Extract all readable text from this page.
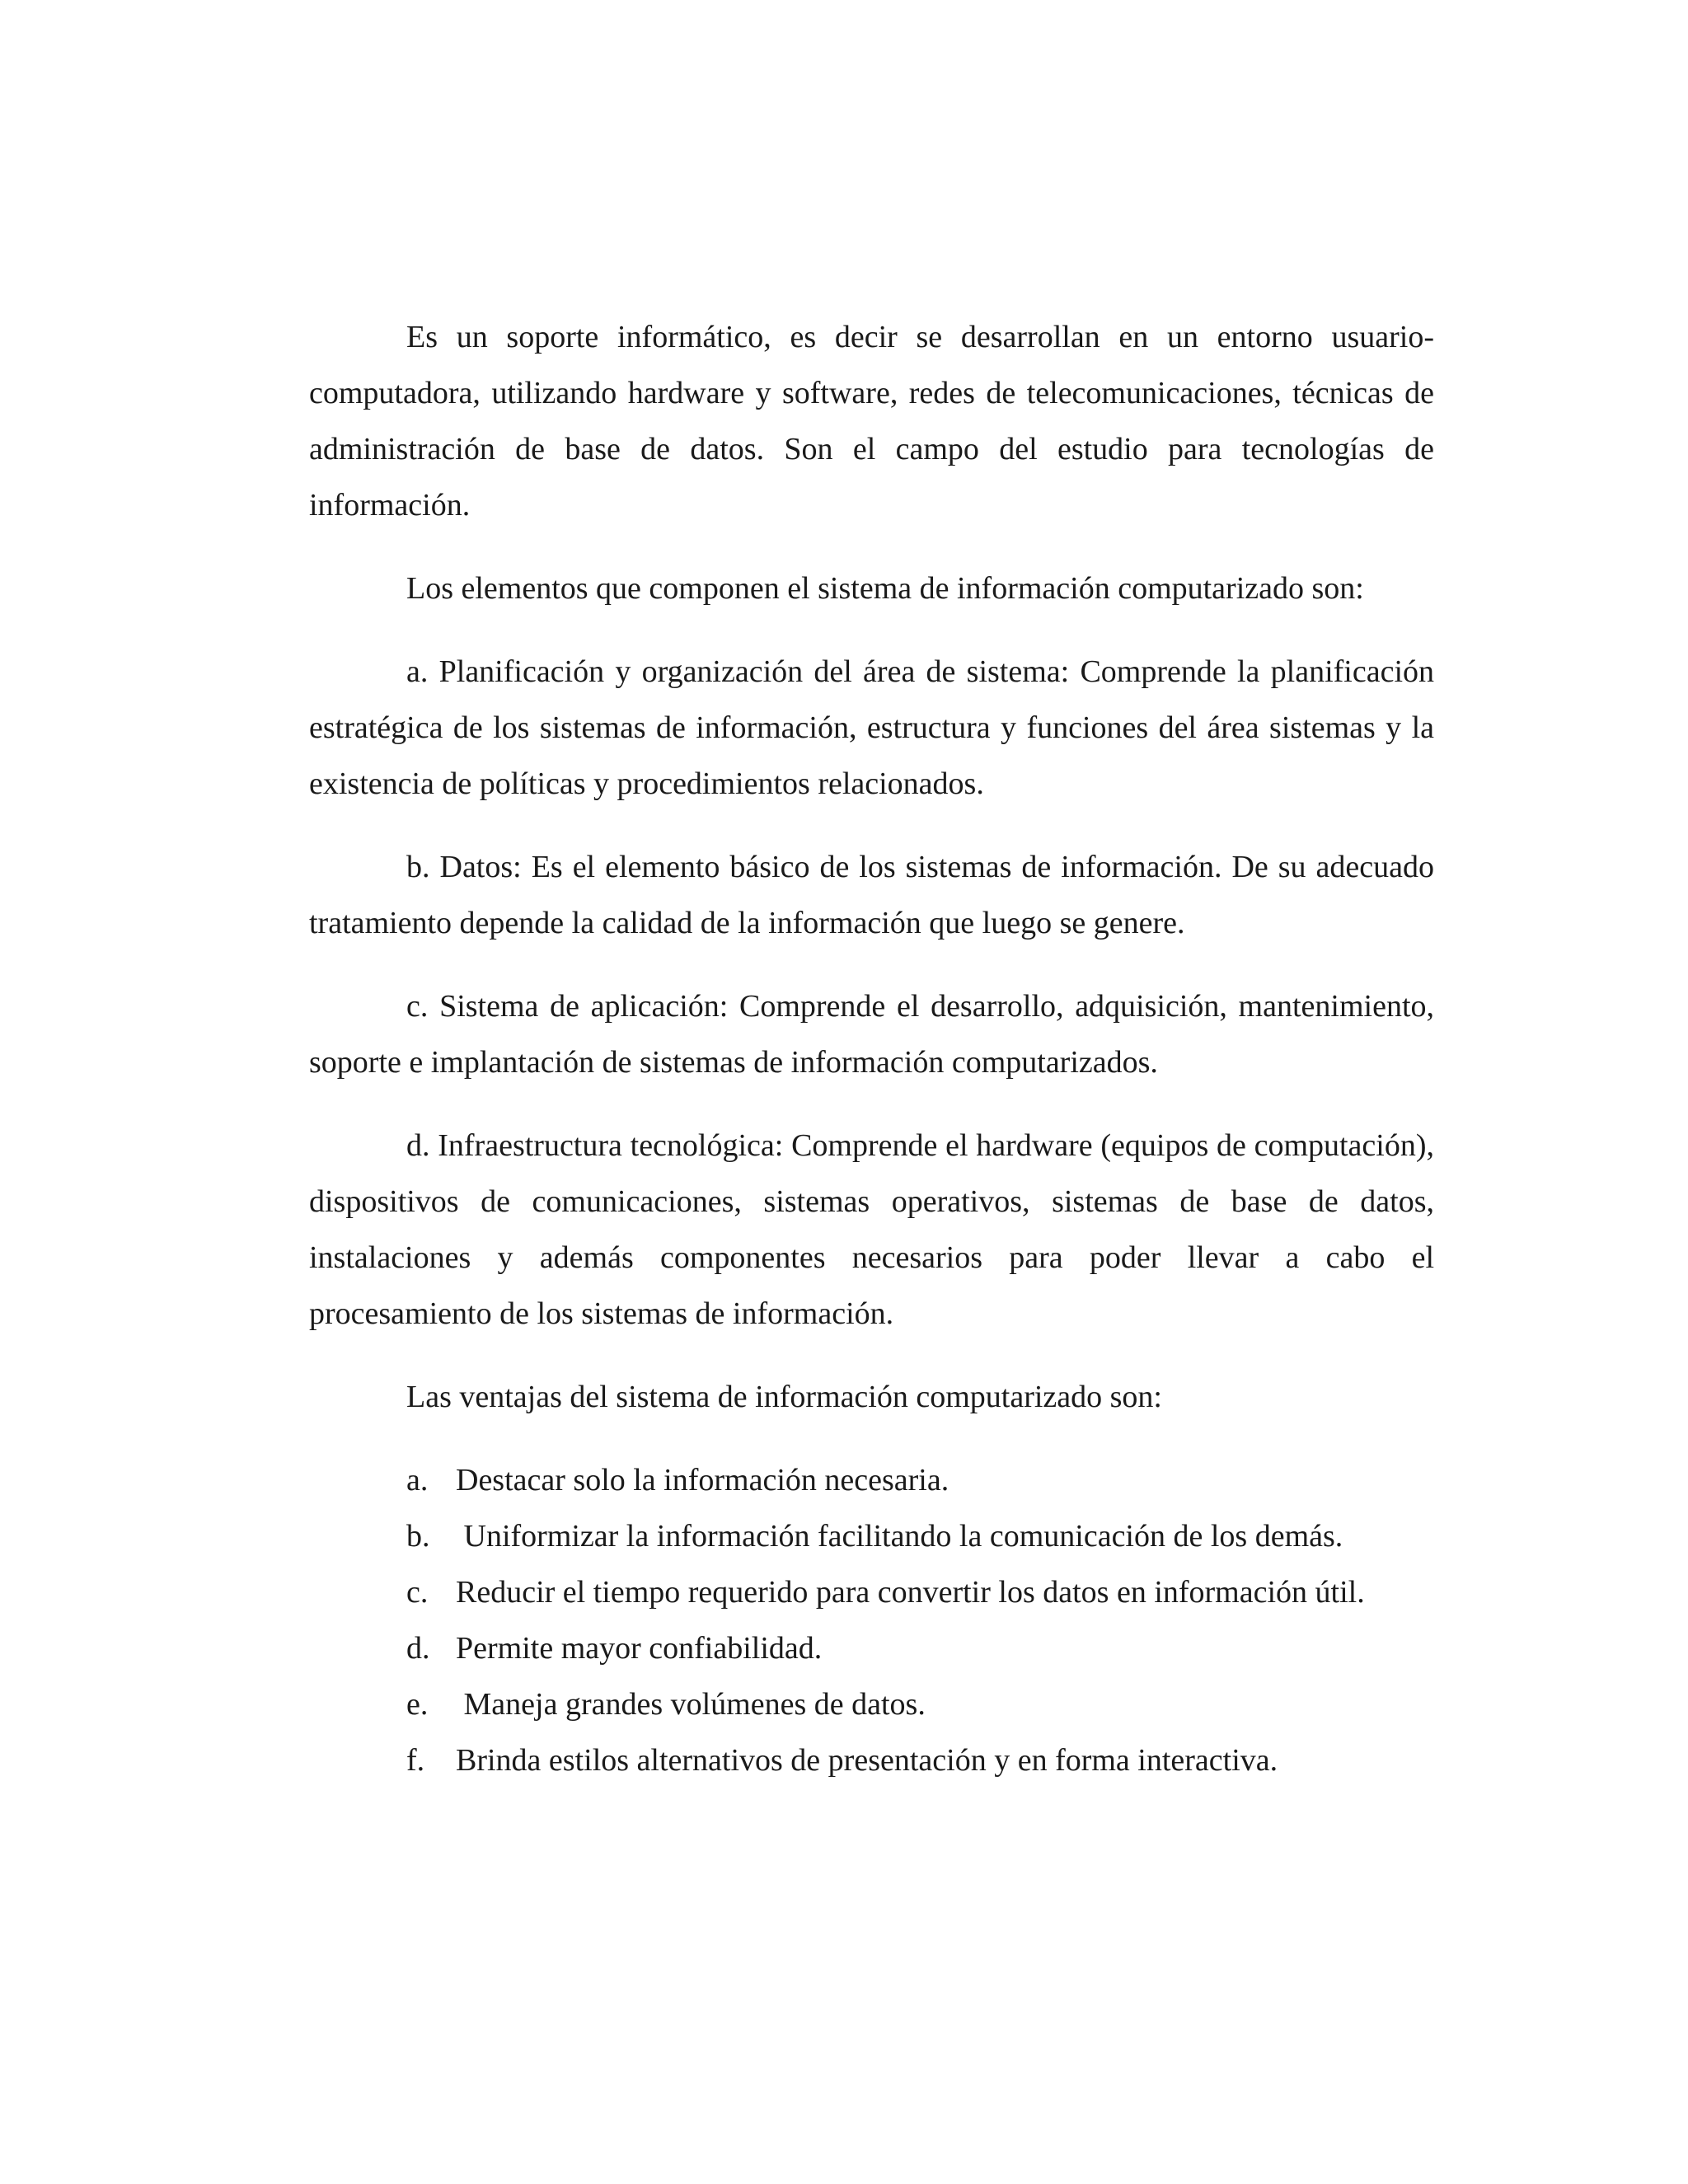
Es un soporte informático, es decir se desarrollan en un entorno usuario-computadora, utilizando hardware y software, redes de telecomunicaciones, técnicas de administración de base de datos. Son el campo del estudio para tecnologías de información.

Los elementos que componen el sistema de información computarizado son:

a. Planificación y organización del área de sistema: Comprende la planificación estratégica de los sistemas de información, estructura y funciones del área sistemas y la existencia de políticas y procedimientos relacionados.

b. Datos: Es el elemento básico de los sistemas de información. De su adecuado tratamiento depende la calidad de la información que luego se genere.

c. Sistema de aplicación: Comprende el desarrollo, adquisición, mantenimiento, soporte e implantación de sistemas de información computarizados.

d. Infraestructura tecnológica: Comprende el hardware (equipos de computación), dispositivos de comunicaciones, sistemas operativos, sistemas de base de datos, instalaciones y además componentes necesarios para poder llevar a cabo el procesamiento de los sistemas de información.

Las ventajas del sistema de información computarizado son:

a. Destacar solo la información necesaria.
b. Uniformizar la información facilitando la comunicación de los demás.
c. Reducir el tiempo requerido para convertir los datos en información útil.
d. Permite mayor confiabilidad.
e. Maneja grandes volúmenes de datos.
f. Brinda estilos alternativos de presentación y en forma interactiva.
